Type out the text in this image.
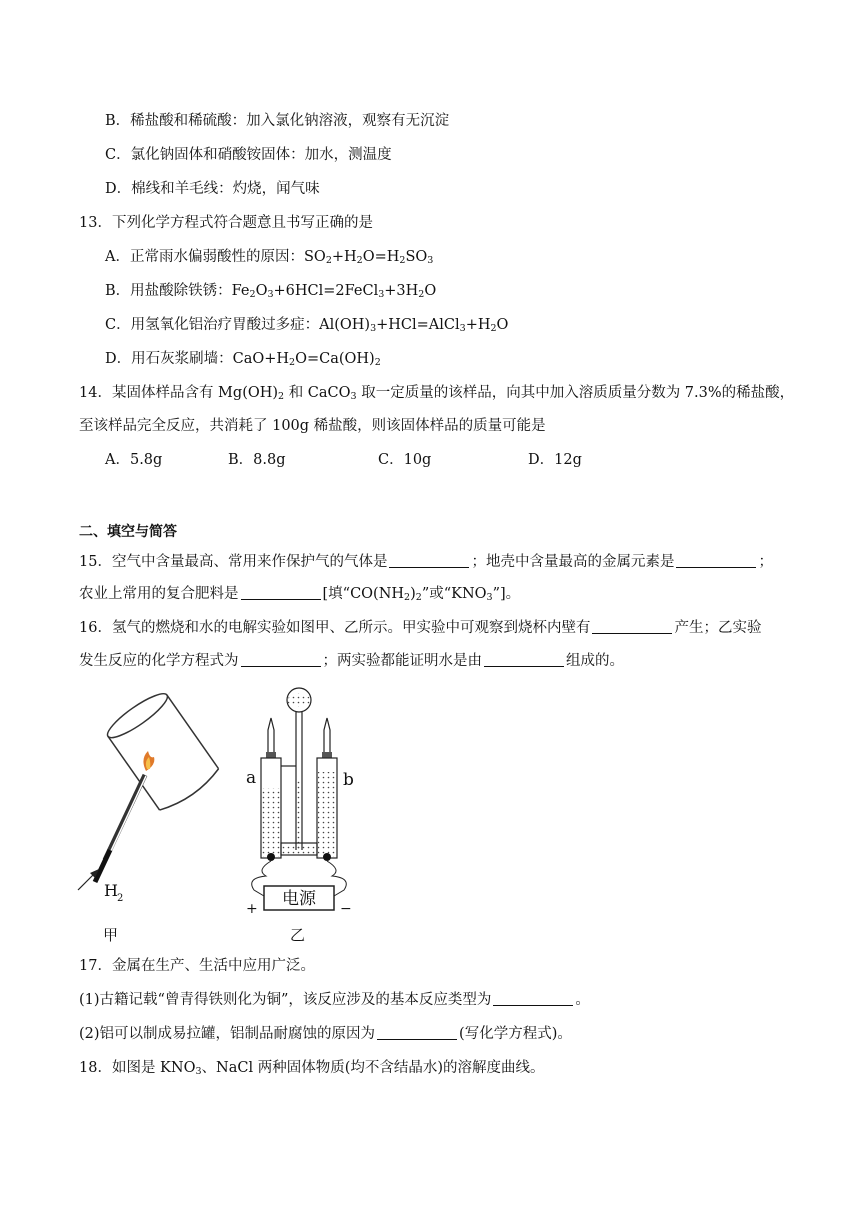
B．稀盐酸和稀硫酸：加入氯化钠溶液，观察有无沉淀
C．氯化钠固体和硝酸铵固体：加水，测温度
D．棉线和羊毛线：灼烧，闻气味
13．下列化学方程式符合题意且书写正确的是
A．正常雨水偏弱酸性的原因：$SO_2+H_2O=H_2SO_3$
B．用盐酸除铁锈：$Fe_2O_3+6HCl=2FeCl_3+3H_2O$
C．用氢氧化铝治疗胃酸过多症：$Al(OH)_3+HCl=AlCl_3+H_2O$
D．用石灰浆刷墙：$CaO+H_2O=Ca(OH)_2$
14．某固体样品含有 $Mg(OH)_2$ 和 CaCO$_3$ 取一定质量的该样品，向其中加入溶质质量分数为 7.3%的稀盐酸，
至该样品完全反应，共消耗了 100g 稀盐酸，则该固体样品的质量可能是
A．5.8g	B．8.8g	C．10g	D．12g
二、填空与简答
15．空气中含量最高、常用来作保护气的气体是	；地壳中含量最高的金属元素是	；
农业上常用的复合肥料是	[填“$CO(NH_2)_2$”或“$KNO_3$”]。
16．氢气的燃烧和水的电解实验如图甲、乙所示。甲实验中可观察到烧杯内壁有	产生；乙实验
发生反应的化学方程式为	；两实验都能证明水是由	组成的。
H 2
甲
电源
+	−
a	b
乙
17．金属在生产、生活中应用广泛。
(1)古籍记载“曾青得铁则化为铜”，该反应涉及的基本反应类型为	。
(2)铝可以制成易拉罐，铝制品耐腐蚀的原因为	(写化学方程式)。
18．如图是 $KNO_3$、NaCl 两种固体物质(均不含结晶水)的溶解度曲线。
